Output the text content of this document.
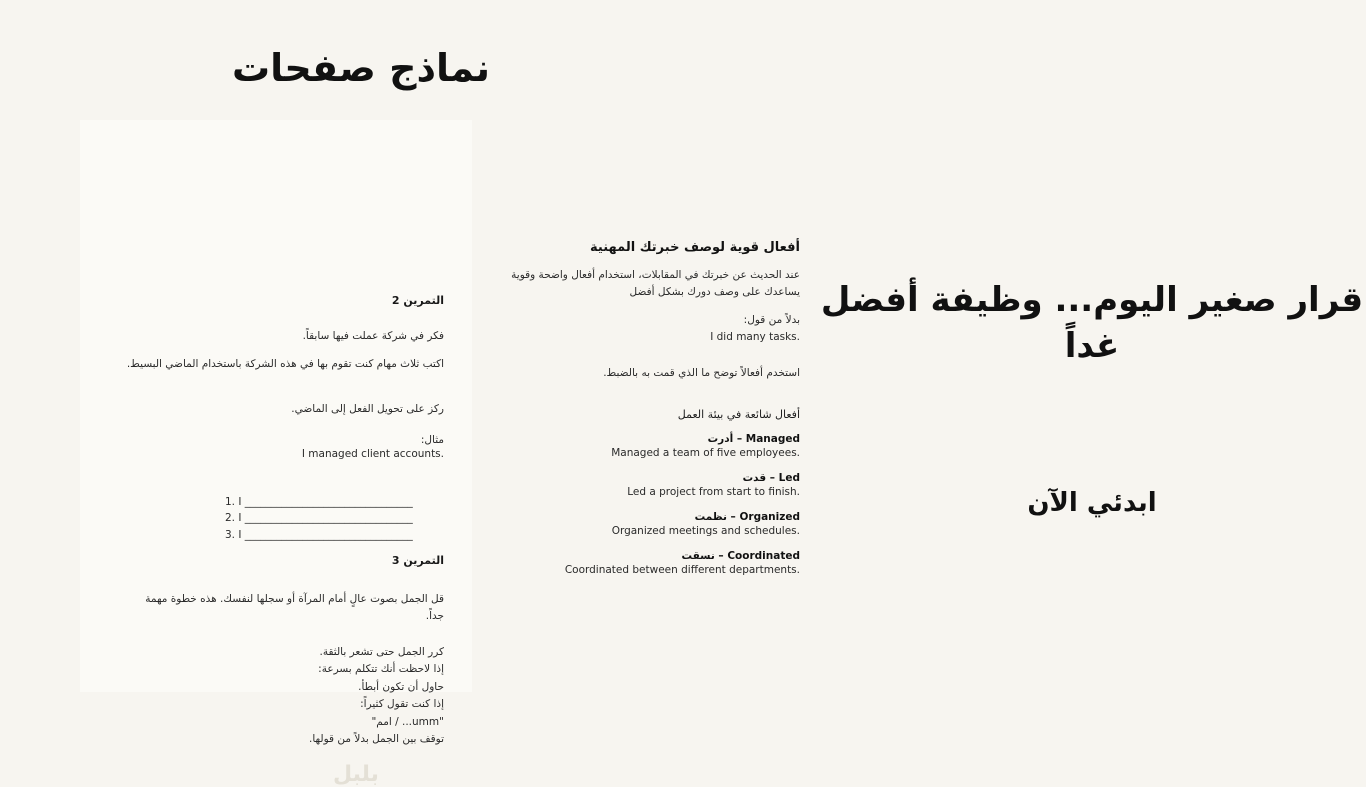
نماذج صفحات
التمرين 2
فكر في شركة عملت فيها سابقاً.
اكتب ثلاث مهام كنت تقوم بها في هذه الشركة باستخدام الماضي البسيط.
ركز على تحويل الفعل إلى الماضي.
مثال:
I managed client accounts.
1. I ________________________________
2. I ________________________________
3. I ________________________________
التمرين 3
قل الجمل بصوت عالٍ أمام المرآة أو سجلها لنفسك. هذه خطوة مهمة جداً.
كرر الجمل حتى تشعر بالثقة.
إذا لاحظت أنك تتكلم بسرعة:
حاول أن تكون أبطأ.
إذا كنت تقول كثيراً:
"umm... / امم"
توقف بين الجمل بدلاً من قولها.
بلبل
أفعال قوية لوصف خبرتك المهنية
عند الحديث عن خبرتك في المقابلات، استخدام أفعال واضحة وقوية يساعدك على وصف دورك بشكل أفضل
بدلاً من قول:
I did many tasks.
استخدم أفعالاً توضح ما الذي قمت به بالضبط.
أفعال شائعة في بيئة العمل
Managed – أدرت
Managed a team of five employees.
Led – قدت
Led a project from start to finish.
Organized – نظمت
Organized meetings and schedules.
Coordinated – نسقت
Coordinated between different departments.
قرار صغير اليوم... وظيفة أفضل غداً
ابدئي الآن
